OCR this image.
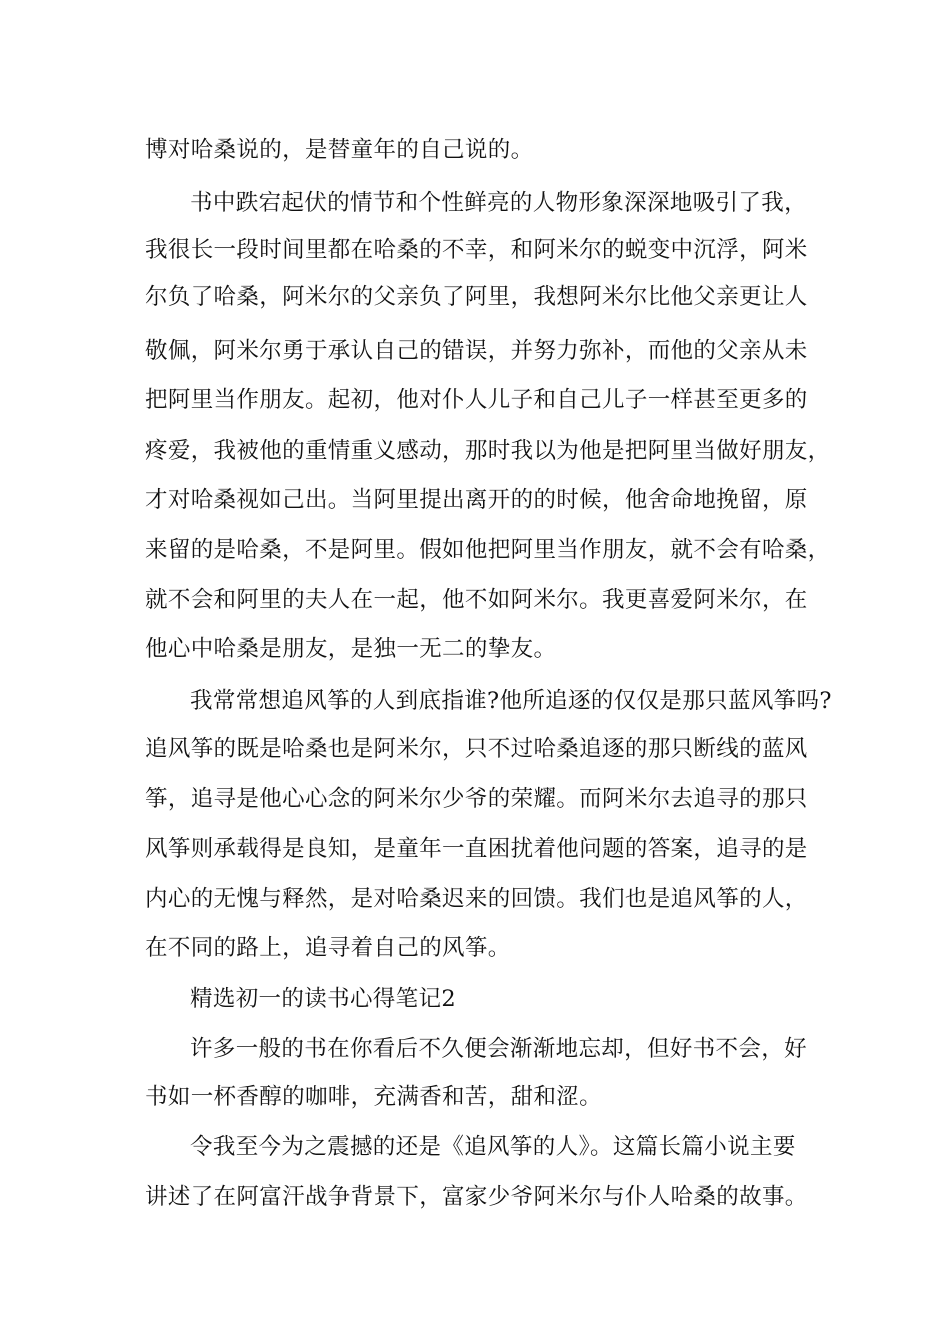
博对哈桑说的，是替童年的自己说的。
书中跌宕起伏的情节和个性鲜亮的人物形象深深地吸引了我，
我很长一段时间里都在哈桑的不幸，和阿米尔的蜕变中沉浮，阿米
尔负了哈桑，阿米尔的父亲负了阿里，我想阿米尔比他父亲更让人
敬佩，阿米尔勇于承认自己的错误，并努力弥补，而他的父亲从未
把阿里当作朋友。起初，他对仆人儿子和自己儿子一样甚至更多的
疼爱，我被他的重情重义感动，那时我以为他是把阿里当做好朋友，
才对哈桑视如己出。当阿里提出离开的的时候，他舍命地挽留，原
来留的是哈桑，不是阿里。假如他把阿里当作朋友，就不会有哈桑，
就不会和阿里的夫人在一起，他不如阿米尔。我更喜爱阿米尔，在
他心中哈桑是朋友，是独一无二的挚友。
我常常想追风筝的人到底指谁?他所追逐的仅仅是那只蓝风筝吗?
追风筝的既是哈桑也是阿米尔，只不过哈桑追逐的那只断线的蓝风
筝，追寻是他心心念的阿米尔少爷的荣耀。而阿米尔去追寻的那只
风筝则承载得是良知，是童年一直困扰着他问题的答案，追寻的是
内心的无愧与释然，是对哈桑迟来的回馈。我们也是追风筝的人，
在不同的路上，追寻着自己的风筝。
精选初一的读书心得笔记2
许多一般的书在你看后不久便会渐渐地忘却，但好书不会，好
书如一杯香醇的咖啡，充满香和苦，甜和涩。
令我至今为之震撼的还是《追风筝的人》。这篇长篇小说主要
讲述了在阿富汗战争背景下，富家少爷阿米尔与仆人哈桑的故事。
